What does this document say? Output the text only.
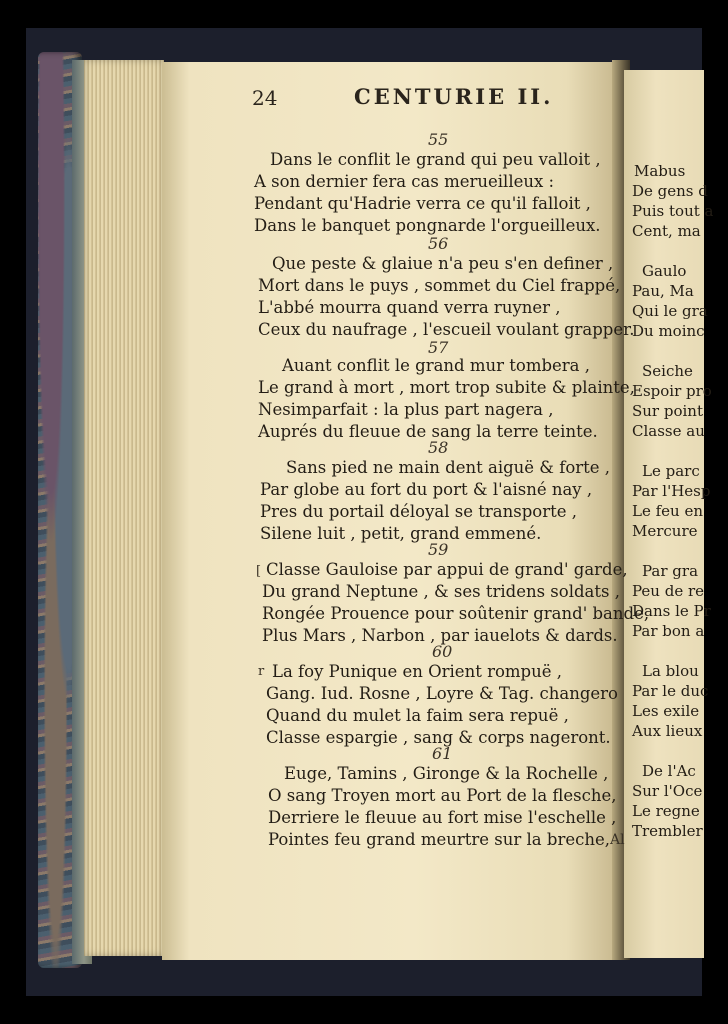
Mabus
De gens d
Puis tout a
Cent, ma
Gaulo
Pau, Ma
Qui le gra
Du moinc
Seiche
Espoir pro
Sur point
Classe au
Le parc
Par l'Hesp
Le feu en
Mercure
Par gra
Peu de re
Dans le Pr
Par bon a
La blou
Par le duc
Les exile
Aux lieux
De l'Ac
Sur l'Oce
Le regne
Trembler
24	CENTURIE II.
55
Dans le conflit le grand qui peu valloit ,
A son dernier fera cas merueilleux :
Pendant qu'Hadrie verra ce qu'il falloit ,
Dans le banquet pongnarde l'orgueilleux.
56
Que peste & glaiue n'a peu s'en definer ,
Mort dans le puys , sommet du Ciel frappé,
L'abbé mourra quand verra ruyner ,
Ceux du naufrage , l'escueil voulant grapper.
57
Auant conflit le grand mur tombera ,
Le grand à mort , mort trop subite & plainte,
Nesimparfait : la plus part nagera ,
Auprés du fleuue de sang la terre teinte.
58
Sans pied ne main dent aiguë & forte ,
Par globe au fort du port & l'aisné nay ,
Pres du portail déloyal se transporte ,
Silene luit , petit, grand emmené.
59
[ Classe Gauloise par appui de grand' garde,
Du grand Neptune , & ses tridens soldats ,
Rongée Prouence pour soûtenir grand' bande,
Plus Mars , Narbon , par iauelots & dards.
60
r La foy Punique en Orient rompuë ,
Gang. Iud. Rosne , Loyre & Tag. changero
Quand du mulet la faim sera repuë ,
Classe espargie , sang & corps nageront.
61
Euge, Tamins , Gironge & la Rochelle ,
O sang Troyen mort au Port de la flesche,
Derriere le fleuue au fort mise l'eschelle ,
Pointes feu grand meurtre sur la breche, Al
